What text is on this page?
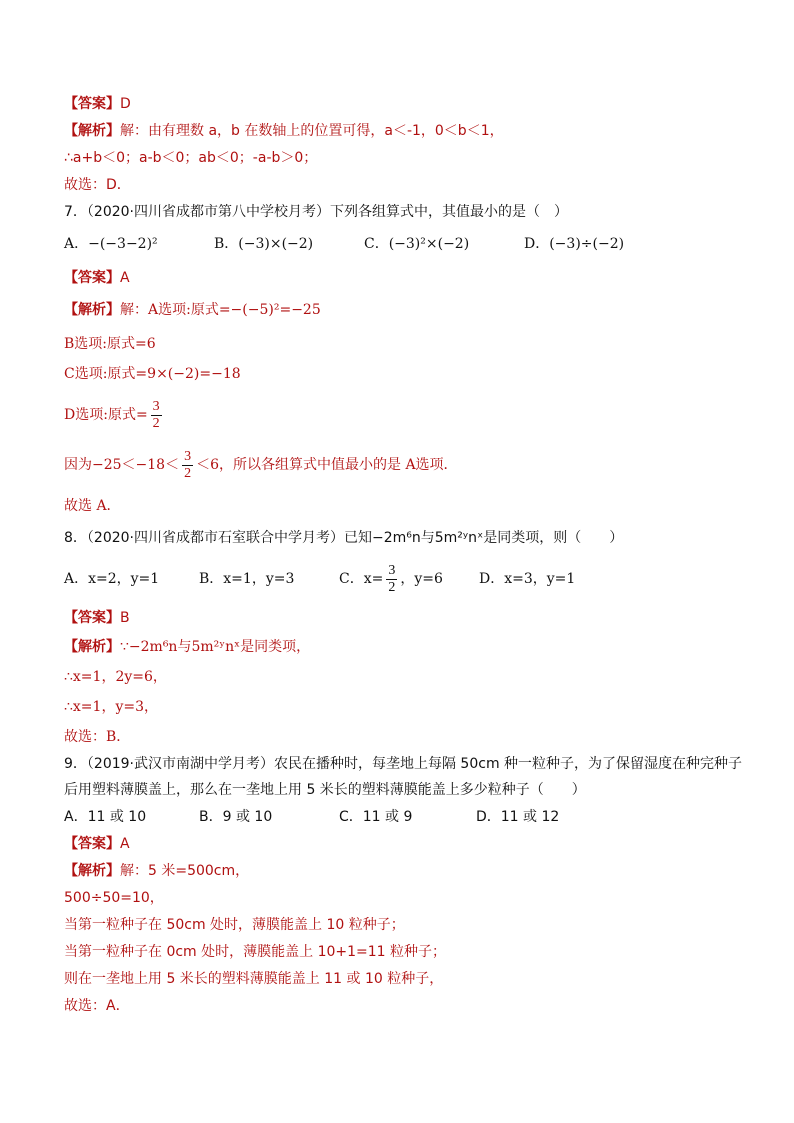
【答案】D
【解析】解：由有理数 a，b 在数轴上的位置可得，a＜-1，0＜b＜1，
∴a+b＜0；a-b＜0；ab＜0；-a-b＞0；
故选：D．
7．（2020·四川省成都市第八中学校月考）下列各组算式中，其值最小的是（　）
A．−(−3−2)²	B．(−3)×(−2)	C．(−3)²×(−2)	D．(−3)÷(−2)
【答案】A
【解析】解：A选项:原式=−(−5)²=−25
B选项:原式=6
C选项:原式=9×(−2)=−18
D选项:原式= $\frac{3}{2}$
因为$-25<-18< \frac{3}{2} <6$，所以各组算式中值最小的是 A选项．
故选 A．
8．（2020·四川省成都市石室联合中学月考）已知−2m⁶n与5m²ʸnˣ是同类项，则（　　）
A．x=2，y=1	B．x=1，y=3	C．$x= \frac{3}{2}$ ，y=6	D．x=3，y=1
【答案】B
【解析】∵−2m⁶n与5m²ʸnˣ是同类项，
∴x=1，2y=6，
∴x=1，y=3，
故选：B．
9．（2019·武汉市南湖中学月考）农民在播种时，每垄地上每隔 50cm 种一粒种子，为了保留湿度在种完种子
后用塑料薄膜盖上，那么在一垄地上用 5 米长的塑料薄膜能盖上多少粒种子（　　）
A．11 或 10	B．9 或 10	C．11 或 9	D．11 或 12
【答案】A
【解析】解：5 米=500cm，
500÷50=10，
当第一粒种子在 50cm 处时，薄膜能盖上 10 粒种子；
当第一粒种子在 0cm 处时，薄膜能盖上 10+1=11 粒种子；
则在一垄地上用 5 米长的塑料薄膜能盖上 11 或 10 粒种子，
故选：A．
